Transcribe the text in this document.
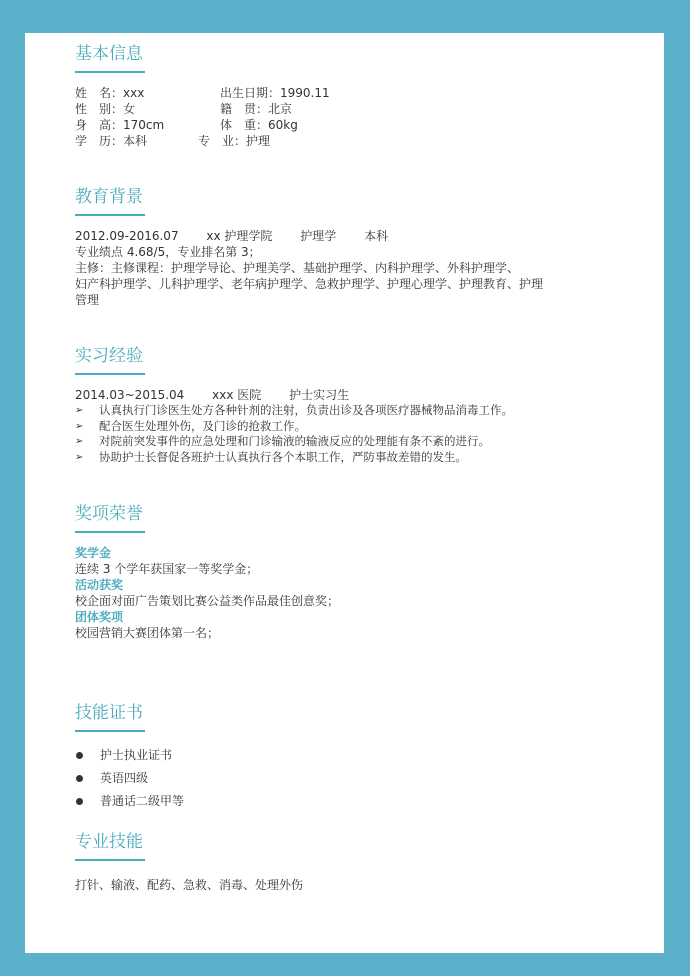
基本信息
姓　名：xxx	出生日期：1990.11
性　别：女	籍　贯：北京
身　高：170cm	体　重：60kg
学　历：本科	专　业：护理
教育背景
2012.09-2016.07 xx 护理学院 护理学 本科
专业绩点 4.68/5，专业排名第 3；
主修：主修课程：护理学导论、护理美学、基础护理学、内科护理学、外科护理学、
妇产科护理学、儿科护理学、老年病护理学、急救护理学、护理心理学、护理教育、护理
管理
实习经验
2014.03~2015.04 xxx 医院 护士实习生
➢	认真执行门诊医生处方各种针剂的注射，负责出诊及各项医疗器械物品消毒工作。
➢	配合医生处理外伤，及门诊的抢救工作。
➢	对院前突发事件的应急处理和门诊输液的输液反应的处理能有条不紊的进行。
➢	协助护士长督促各班护士认真执行各个本职工作，严防事故差错的发生。
奖项荣誉
奖学金
连续 3 个学年获国家一等奖学金；
活动获奖
校企面对面广告策划比赛公益类作品最佳创意奖；
团体奖项
校园营销大赛团体第一名；
技能证书
护士执业证书
英语四级
普通话二级甲等
专业技能
打针、输液、配药、急救、消毒、处理外伤
